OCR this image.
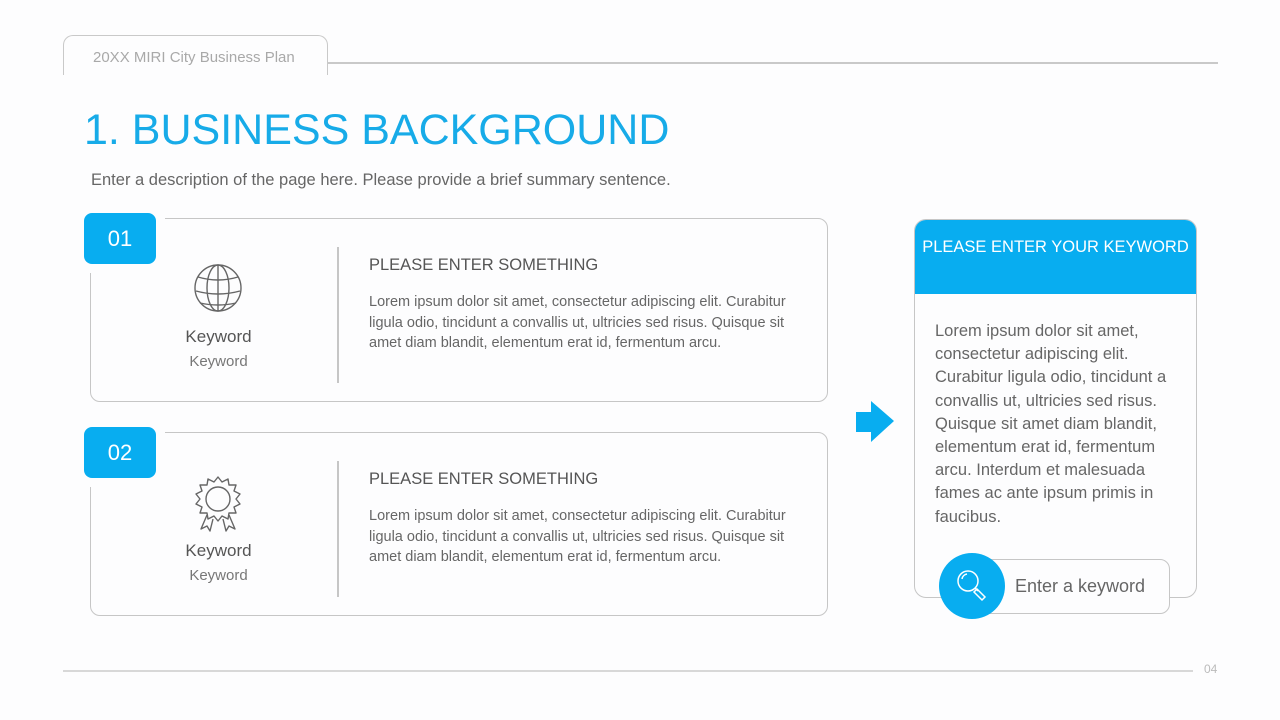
20XX MIRI City Business Plan
1. BUSINESS BACKGROUND
Enter a description of the page here. Please provide a brief summary sentence.
Keyword
Keyword
PLEASE ENTER SOMETHING
Lorem ipsum dolor sit amet, consectetur adipiscing elit. Curabitur ligula odio, tincidunt a convallis ut, ultricies sed risus. Quisque sit amet diam blandit, elementum erat id, fermentum arcu.
01
Keyword
Keyword
PLEASE ENTER SOMETHING
Lorem ipsum dolor sit amet, consectetur adipiscing elit. Curabitur ligula odio, tincidunt a convallis ut, ultricies sed risus. Quisque sit amet diam blandit, elementum erat id, fermentum arcu.
02
PLEASE ENTER YOUR KEYWORD
Lorem ipsum dolor sit amet, consectetur adipiscing elit. Curabitur ligula odio, tincidunt a convallis ut, ultricies sed risus. Quisque sit amet diam blandit, elementum erat id, fermentum arcu. Interdum et malesuada fames ac ante ipsum primis in faucibus.
Enter a keyword
04
